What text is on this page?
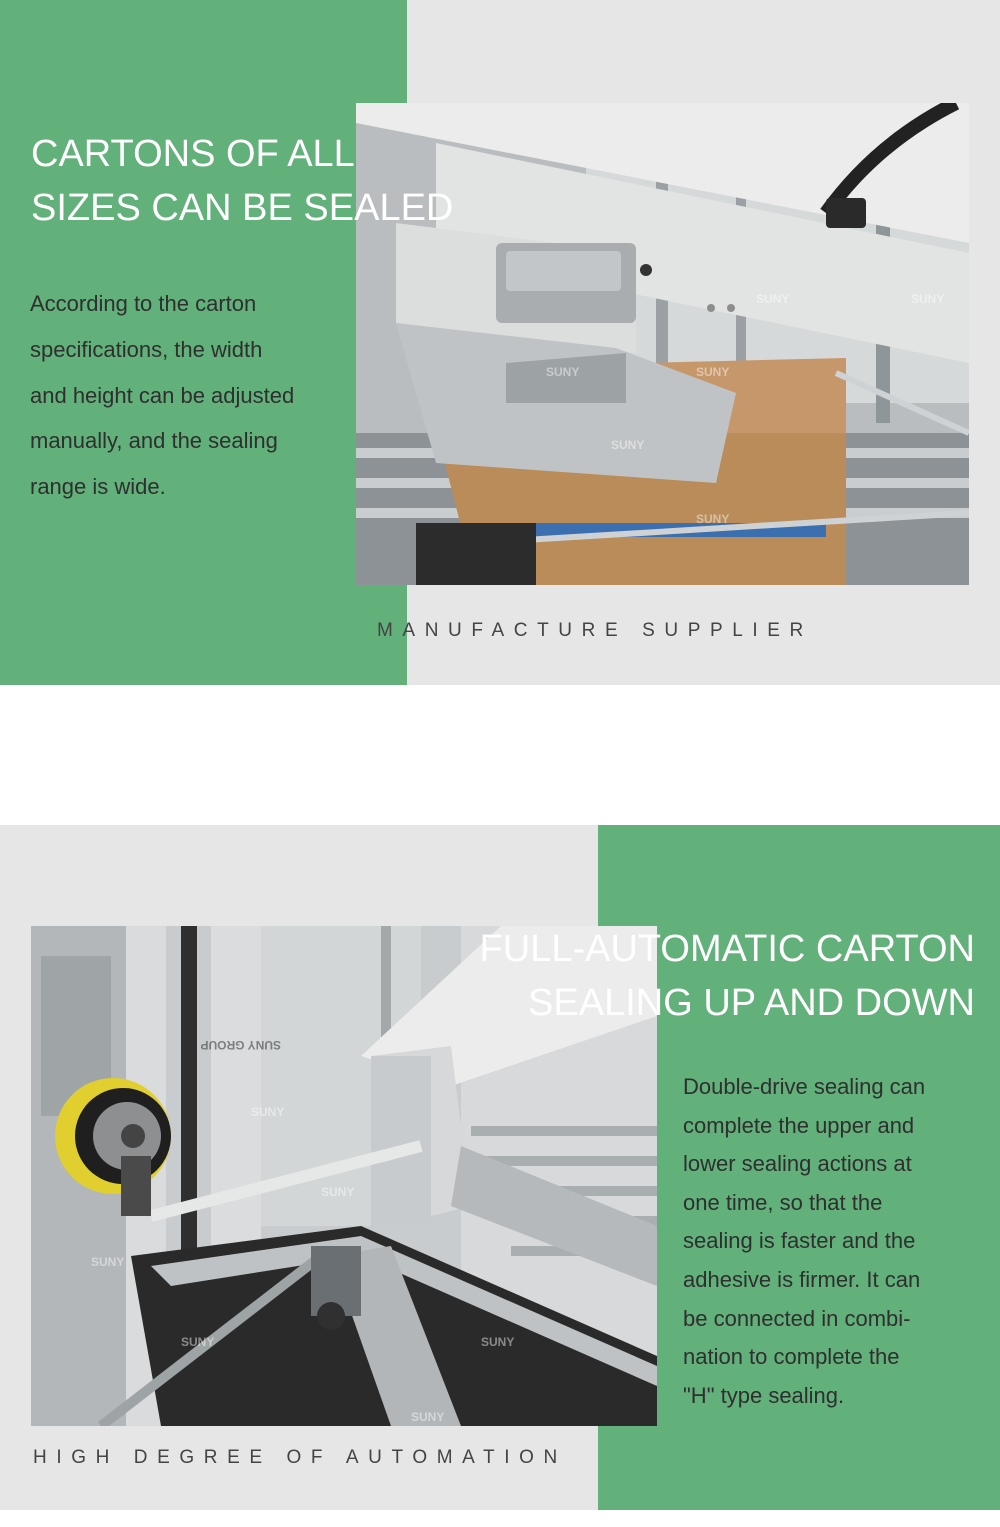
SUNY	SUNY
SUNY	SUNY
SUNY
SUNY
CARTONS OF ALL
SIZES CAN BE SEALED

According to the carton
specifications, the width
and height can be adjusted
manually, and the sealing
range is wide.

MANUFACTURE SUPPLIER
SUNY
SUNY
SUNY
SUNY
SUNY
SUNY
SUNY GROUP
FULL-AUTOMATIC CARTON
SEALING UP AND DOWN

Double-drive sealing can
complete the upper and
lower sealing actions at
one time, so that the
sealing is faster and the
adhesive is firmer. It can
be connected in combi-
nation to complete the
"H" type sealing.

HIGH DEGREE OF AUTOMATION
